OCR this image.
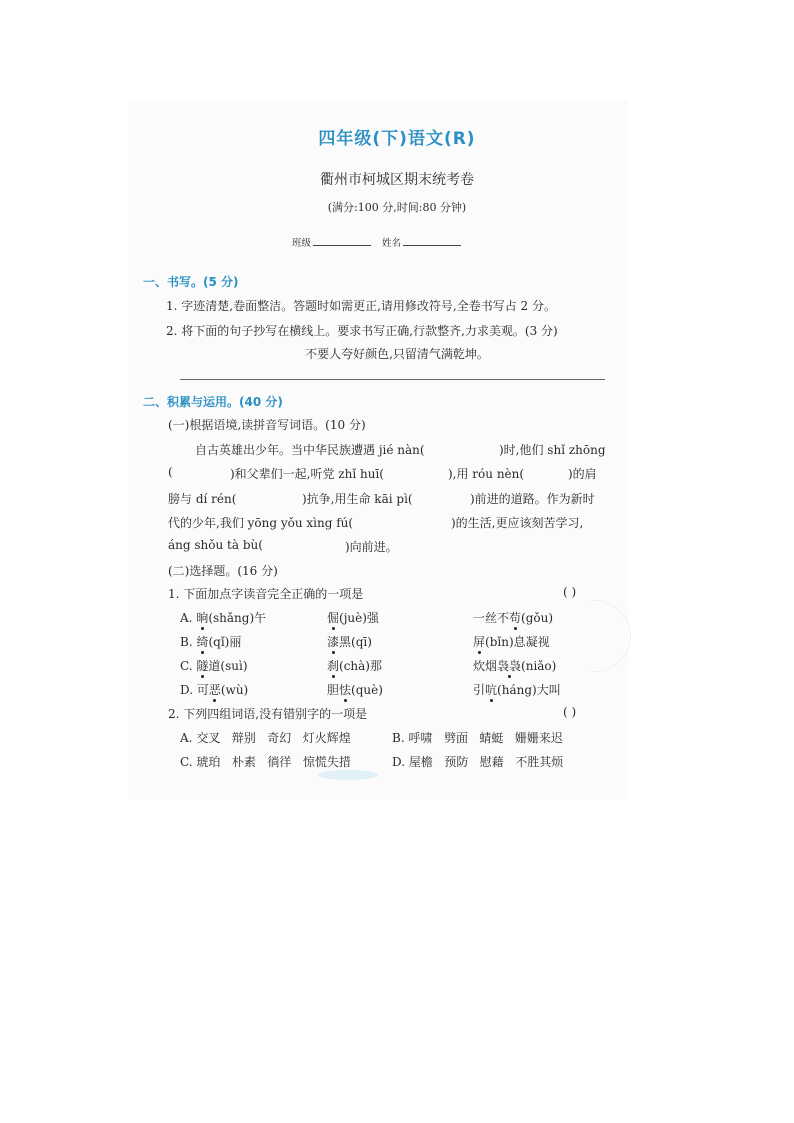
四年级(下)语文(R)
衢州市柯城区期末统考卷
(满分:100 分,时间:80 分钟)
班级	姓名
一、书写。(5 分)
1. 字迹清楚,卷面整洁。答题时如需更正,请用修改符号,全卷书写占 2 分。
2. 将下面的句子抄写在横线上。要求书写正确,行款整齐,力求美观。(3 分)
不要人夸好颜色,只留清气满乾坤。
二、积累与运用。(40 分)
(一)根据语境,读拼音写词语。(10 分)
自古英雄出少年。当中华民族遭遇 jié nàn(	)时,他们 shǐ zhōng
(	)和父辈们一起,听党 zhǐ huī(	),用 róu nèn(	)的肩
膀与 dí rén(	)抗争,用生命 kāi pì(	)前进的道路。作为新时
代的少年,我们 yōng yǒu xìng fú(	)的生活,更应该刻苦学习,
áng shǒu tà bù(	)向前进。
(二)选择题。(16 分)
1. 下面加点字读音完全正确的一项是	( )
A. 晌(shǎng)午	倔(juè)强	一丝不苟(gǒu)
B. 绮(qǐ)丽	漆黑(qī)	屏(bǐn)息凝视
C. 隧道(suì)	刹(chà)那	炊烟袅袅(niǎo)
D. 可恶(wù)	胆怯(què)	引吭(háng)大叫
2. 下列四组词语,没有错别字的一项是	( )
A. 交叉 辩别 奇幻 灯火辉煌	B. 呼啸 劈面 蜻蜓 姗姗来迟
C. 琥珀 朴素 徜徉 惊慌失措	D. 屋檐 预防 慰藉 不胜其烦
